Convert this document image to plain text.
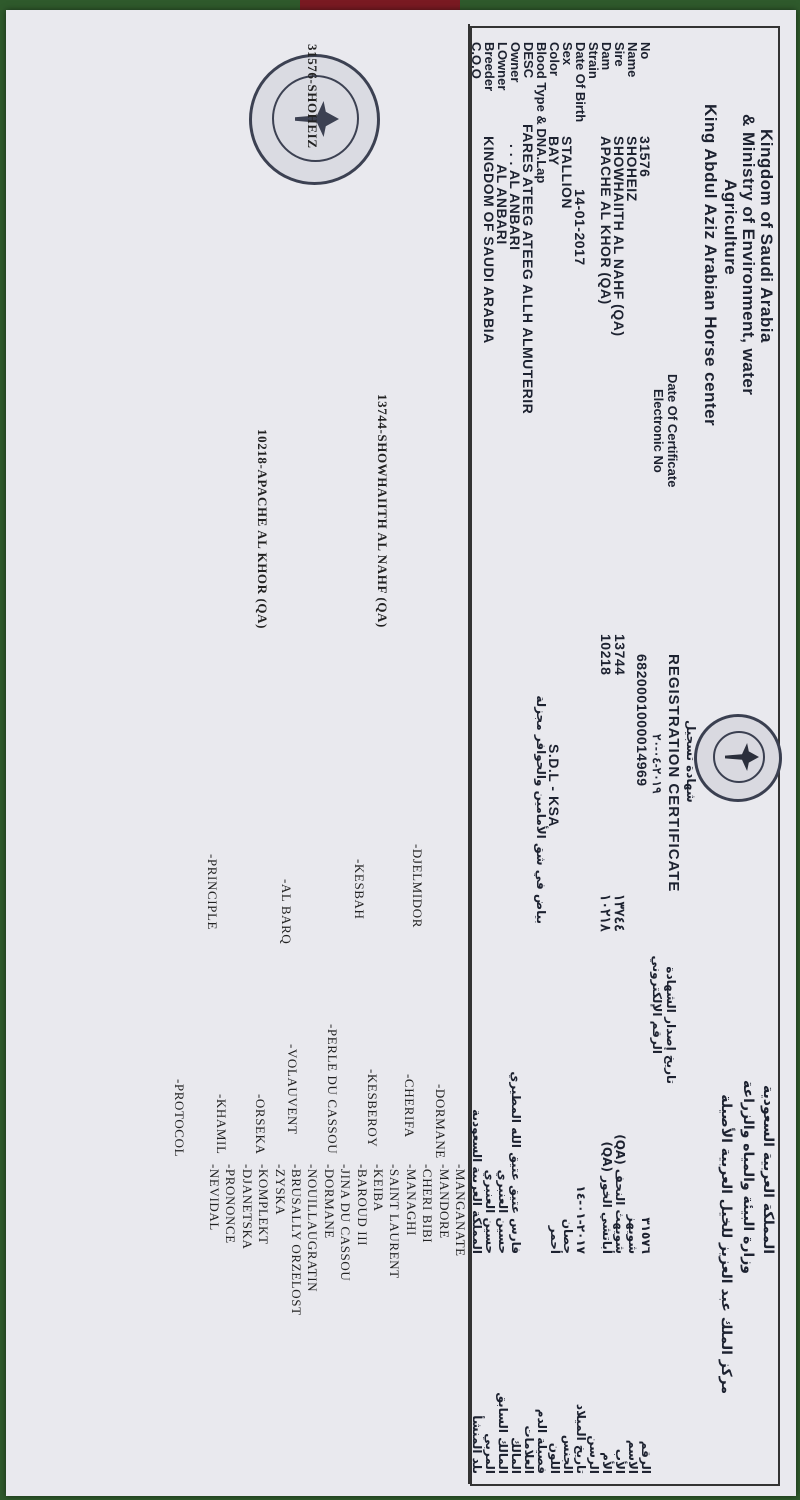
Kingdom of Saudi Arabia
& Ministry of Environment, water
Agriculture
King Abdul Aziz Arabian Horse center
المملكة العربية السعودية
وزارة البيئة والمياه والزراعة
مركز الملك عبد العزيز للخيل العربية الأصيلة
شهادة تسجيل
REGISTRATION CERTIFICATE
Date Of Certificate
Electronic No
٢٠١٩-٠٤-٢٠
6820001000014969
تاريخ إصدار الشهادة
الرقم الإلكتروني
No
Name
Sire
Dam
Strain
Date Of Birth
Sex
Color
Blood Type & DNA.Lap
DESC
Owner
LOwner
Breeder
C.O.O
31576
SHOHEIZ
SHOWHAIITH AL NAHF (QA)
APACHE AL KHOR (QA)
14-01-2017
STALLION
BAY
FARES ATEEG ATEEG ALLH ALMUTERIR
. . . AL ANBARI
AL ANBARI
KINGDOM OF SAUDI ARABIA
13744
10218
١٣٧٤٤
١٠٢١٨
S.D.L - KSA
بياض في شق الأمامين والحوافر مجزلة
٣١٥٧٦
شويهز
شويهث النحف (QA)
أباتشي الخور (QA)

٢٠١٧-٠١-١٤
حصان
أحمر

فارس عتيق عتيق الله المطيري
حسين العنبري
حسين العنبري
المملكة العربية السعودية
الرقم
الاسم
الأب
الأم
الرسن
تاريخ الميلاد
الجنس
اللون
فصيلة الدم
العلامات
المالك
المالك السابق
المربي
بلد المنشأ
31576-SHOHEIZ
13744-SHOWHAIITH AL NAHF (QA)
10218-APACHE AL KHOR (QA)
-DJELMIDOR
-KESBAH
-AL BARQ
-PRINCIPLE
-DORMANE
-CHERIFA
-KESBEROY
-PERLE DU CASSOU
-VOLAUVENT
-ORSEKA
-KHAMIL
-PROTOCOL
-MANGANATE
-MANDORE
-CHERI BIBI
-MANAGHI
-SAINT LAURENT
-KEIBA
-BAROUD III
-JINA DU CASSOU
-DORMANE
-NOUILLAUGRATIN
-BRUSALLY ORZELOST
-ZYSKA
-KOMPLEKT
-DJANETSKA
-PRONONCE
-NEVIDAL
